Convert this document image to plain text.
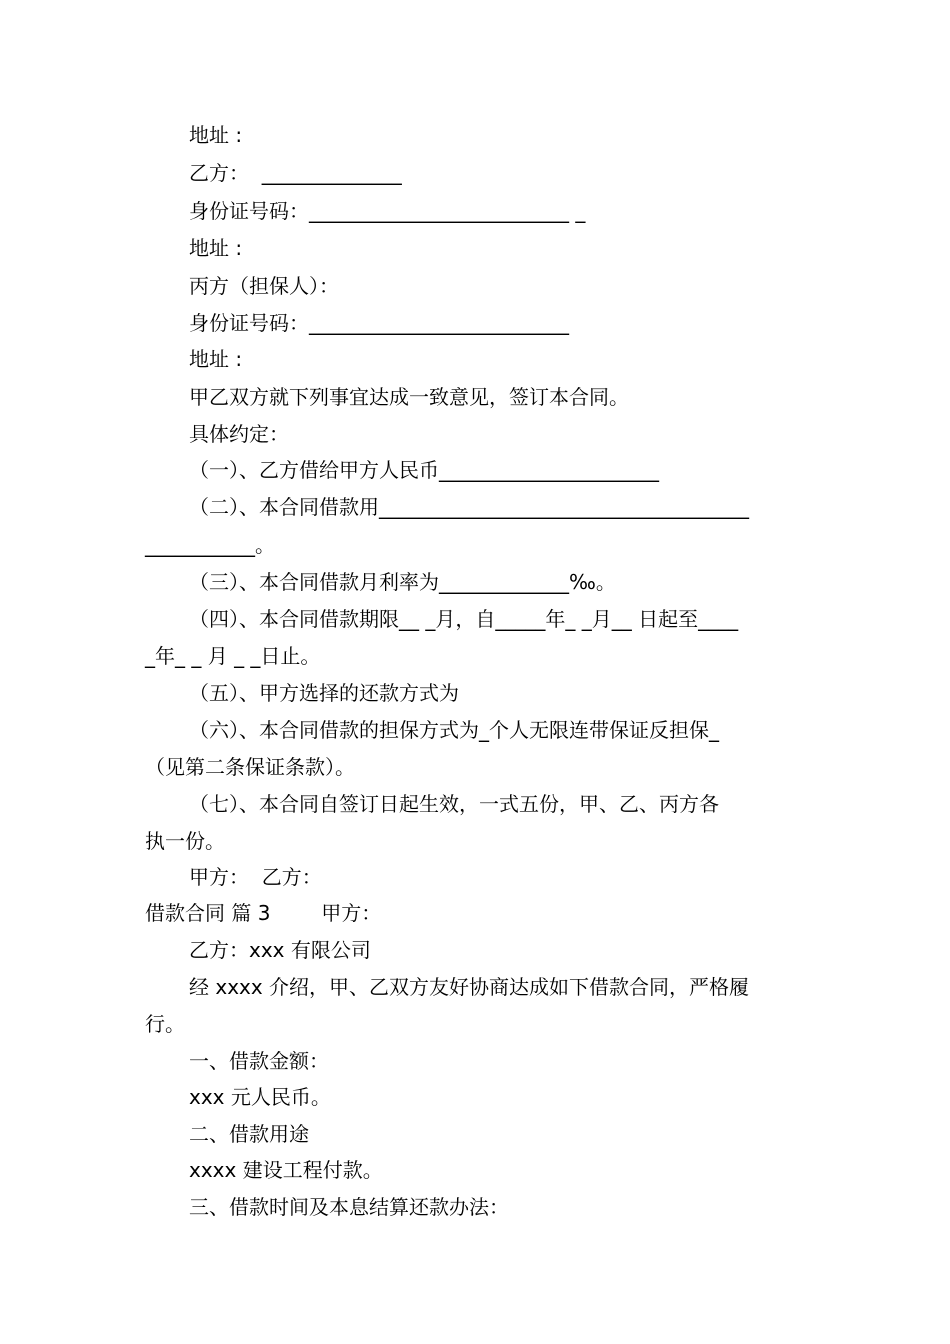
地址 :
乙方：  ______________
身份证号码：__________________________ _
地址 :
丙方（担保人）：
身份证号码：__________________________
地址 :
甲乙双方就下列事宜达成一致意见，签订本合同。
具体约定：
（一）、乙方借给甲方人民币______________________
（二）、本合同借款用_____________________________________
___________。
（三）、本合同借款月利率为_____________‰。
（四）、本合同借款期限__ _月，自_____年_ _月__ 日起至____
_年_ _ 月 _ _日止。
（五）、甲方选择的还款方式为
（六）、本合同借款的担保方式为_个人无限连带保证反担保_
（见第二条保证条款）。
（七）、本合同自签订日起生效，一式五份，甲、乙、丙方各
执一份。
甲方：  乙方：
借款合同 篇 3        甲方：
乙方：xxx 有限公司
经 xxxx 介绍，甲、乙双方友好协商达成如下借款合同，严格履
行。
一、借款金额：
xxx 元人民币。
二、借款用途
xxxx 建设工程付款。
三、借款时间及本息结算还款办法：
